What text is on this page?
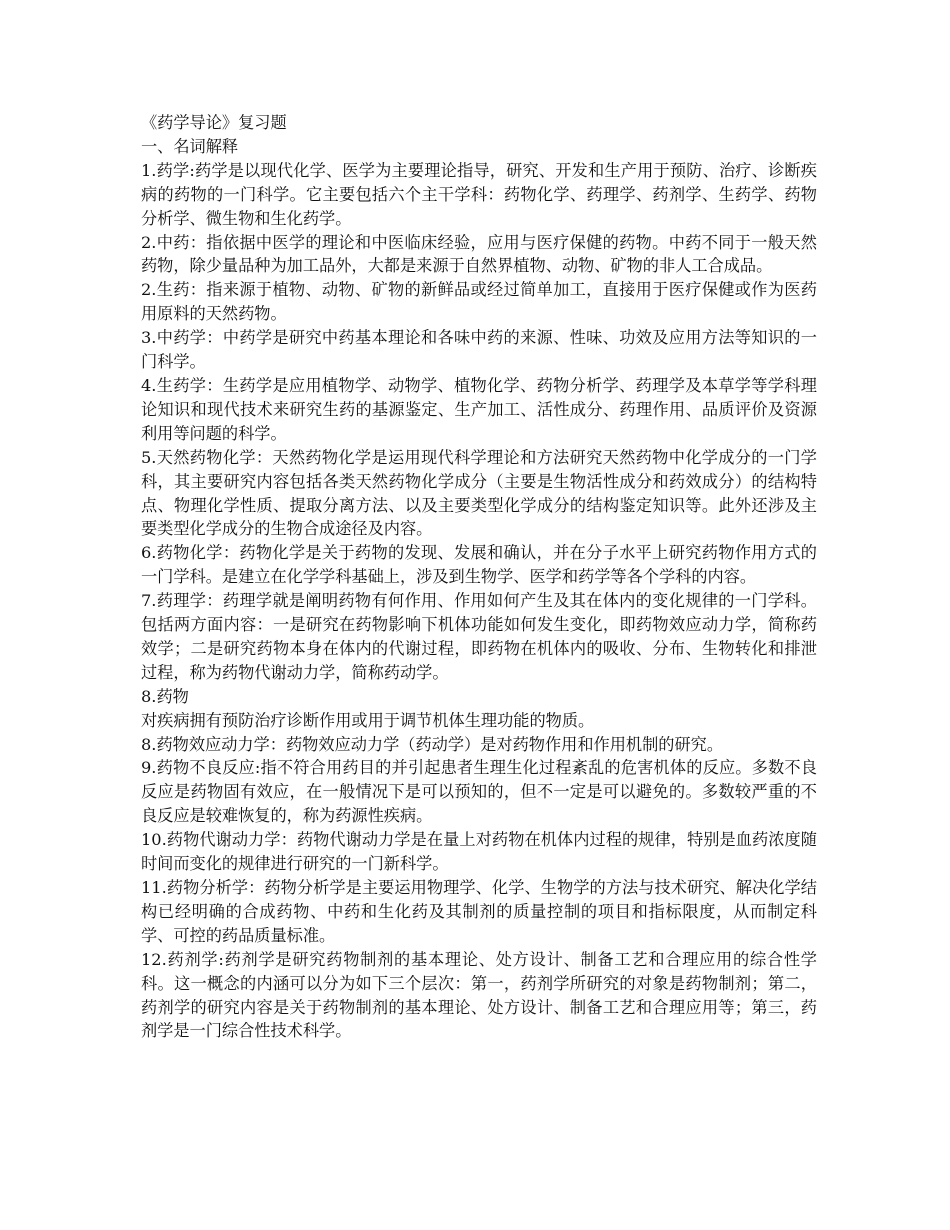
《药学导论》复习题

一、名词解释

1.药学:药学是以现代化学、医学为主要理论指导，研究、开发和生产用于预防、治疗、诊断疾病的药物的一门科学。它主要包括六个主干学科：药物化学、药理学、药剂学、生药学、药物分析学、微生物和生化药学。

2.中药：指依据中医学的理论和中医临床经验，应用与医疗保健的药物。中药不同于一般天然药物，除少量品种为加工品外，大都是来源于自然界植物、动物、矿物的非人工合成品。

2.生药：指来源于植物、动物、矿物的新鲜品或经过简单加工，直接用于医疗保健或作为医药用原料的天然药物。

3.中药学：中药学是研究中药基本理论和各味中药的来源、性味、功效及应用方法等知识的一门科学。

4.生药学：生药学是应用植物学、动物学、植物化学、药物分析学、药理学及本草学等学科理论知识和现代技术来研究生药的基源鉴定、生产加工、活性成分、药理作用、品质评价及资源利用等问题的科学。

5.天然药物化学：天然药物化学是运用现代科学理论和方法研究天然药物中化学成分的一门学科，其主要研究内容包括各类天然药物化学成分（主要是生物活性成分和药效成分）的结构特点、物理化学性质、提取分离方法、以及主要类型化学成分的结构鉴定知识等。此外还涉及主要类型化学成分的生物合成途径及内容。

6.药物化学：药物化学是关于药物的发现、发展和确认，并在分子水平上研究药物作用方式的一门学科。是建立在化学学科基础上，涉及到生物学、医学和药学等各个学科的内容。

7.药理学：药理学就是阐明药物有何作用、作用如何产生及其在体内的变化规律的一门学科。包括两方面内容：一是研究在药物影响下机体功能如何发生变化，即药物效应动力学，简称药效学；二是研究药物本身在体内的代谢过程，即药物在机体内的吸收、分布、生物转化和排泄过程，称为药物代谢动力学，简称药动学。

8.药物

对疾病拥有预防治疗诊断作用或用于调节机体生理功能的物质。

8.药物效应动力学：药物效应动力学（药动学）是对药物作用和作用机制的研究。

9.药物不良反应:指不符合用药目的并引起患者生理生化过程紊乱的危害机体的反应。多数不良反应是药物固有效应，在一般情况下是可以预知的，但不一定是可以避免的。多数较严重的不良反应是较难恢复的，称为药源性疾病。

10.药物代谢动力学：药物代谢动力学是在量上对药物在机体内过程的规律，特别是血药浓度随时间而变化的规律进行研究的一门新科学。

11.药物分析学：药物分析学是主要运用物理学、化学、生物学的方法与技术研究、解决化学结构已经明确的合成药物、中药和生化药及其制剂的质量控制的项目和指标限度，从而制定科学、可控的药品质量标准。

12.药剂学:药剂学是研究药物制剂的基本理论、处方设计、制备工艺和合理应用的综合性学科。这一概念的内涵可以分为如下三个层次：第一，药剂学所研究的对象是药物制剂；第二，药剂学的研究内容是关于药物制剂的基本理论、处方设计、制备工艺和合理应用等；第三，药剂学是一门综合性技术科学。
